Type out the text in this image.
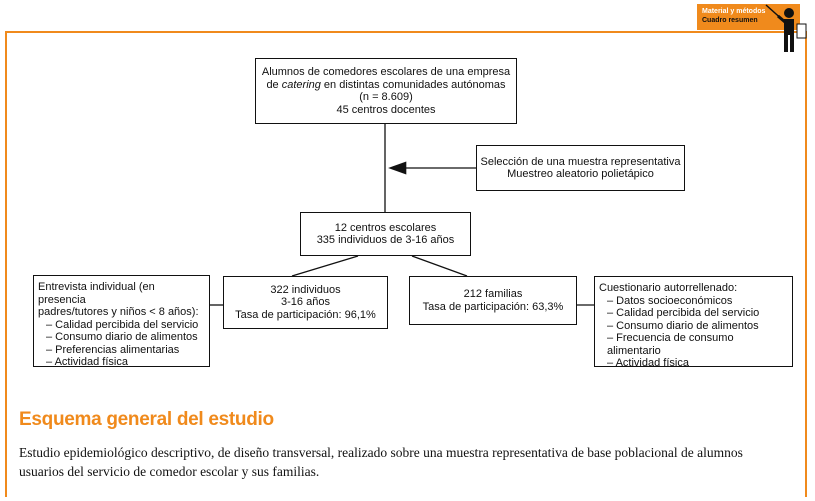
Material y métodos
Cuadro resumen
Alumnos de comedores escolares de una empresa
de catering en distintas comunidades autónomas
(n = 8.609)
45 centros docentes
Selección de una muestra representativa
Muestreo aleatorio polietápico
12 centros escolares
335 individuos de 3-16 años
322 individuos
3-16 años
Tasa de participación: 96,1%
212 familias
Tasa de participación: 63,3%
Entrevista individual (en presencia
padres/tutores y niños < 8 años):
– Calidad percibida del servicio
– Consumo diario de alimentos
– Preferencias alimentarias
– Actividad física
Cuestionario autorrellenado:
– Datos socioeconómicos
– Calidad percibida del servicio
– Consumo diario de alimentos
– Frecuencia de consumo alimentario
– Actividad física
Esquema general del estudio

Estudio epidemiológico descriptivo, de diseño transversal, realizado sobre una muestra representativa de base poblacional de alumnos usuarios del servicio de comedor escolar y sus familias.
